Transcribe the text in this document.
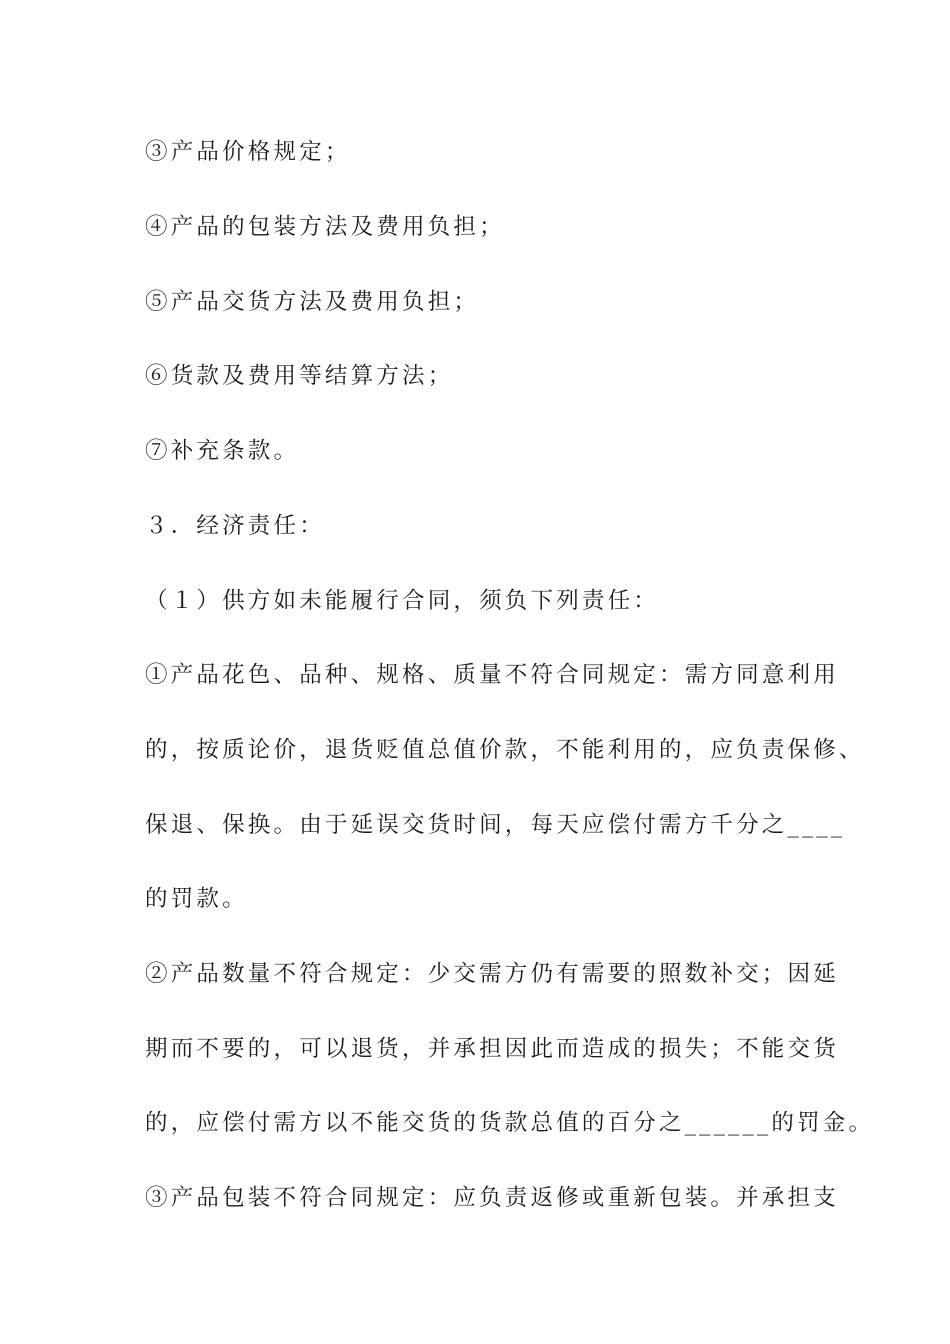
③产品价格规定；
④产品的包装方法及费用负担；
⑤产品交货方法及费用负担；
⑥货款及费用等结算方法；
⑦补充条款。
３．经济责任：
（１）供方如未能履行合同，须负下列责任：
①产品花色、品种、规格、质量不符合同规定：需方同意利用
的，按质论价，退货贬值总值价款，不能利用的，应负责保修、
保退、保换。由于延误交货时间，每天应偿付需方千分之____
的罚款。
②产品数量不符合规定：少交需方仍有需要的照数补交；因延
期而不要的，可以退货，并承担因此而造成的损失；不能交货
的，应偿付需方以不能交货的货款总值的百分之______的罚金。
③产品包装不符合同规定：应负责返修或重新包装。并承担支
